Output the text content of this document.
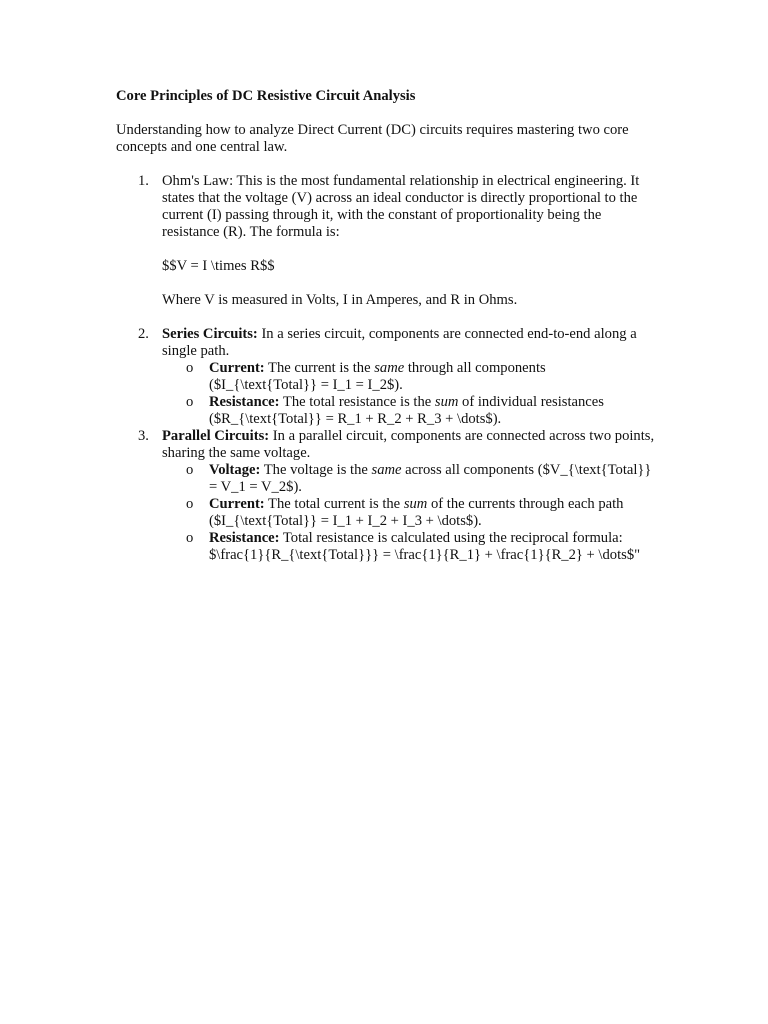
Core Principles of DC Resistive Circuit Analysis

Understanding how to analyze Direct Current (DC) circuits requires mastering two core concepts and one central law.

1. Ohm's Law: This is the most fundamental relationship in electrical engineering. It states that the voltage (V) across an ideal conductor is directly proportional to the current (I) passing through it, with the constant of proportionality being the resistance (R). The formula is:

$$V = I \times R$$

Where V is measured in Volts, I in Amperes, and R in Ohms.

2. Series Circuits: In a series circuit, components are connected end-to-end along a single path.

o Current: The current is the same through all components ($I_{\text{Total}} = I_1 = I_2$).
o Resistance: The total resistance is the sum of individual resistances ($R_{\text{Total}} = R_1 + R_2 + R_3 + \dots$).
3. Parallel Circuits: In a parallel circuit, components are connected across two points, sharing the same voltage.

o Voltage: The voltage is the same across all components ($V_{\text{Total}} = V_1 = V_2$).
o Current: The total current is the sum of the currents through each path ($I_{\text{Total}} = I_1 + I_2 + I_3 + \dots$).
o Resistance: Total resistance is calculated using the reciprocal formula: $\frac{1}{R_{\text{Total}}} = \frac{1}{R_1} + \frac{1}{R_2} + \dots$"
